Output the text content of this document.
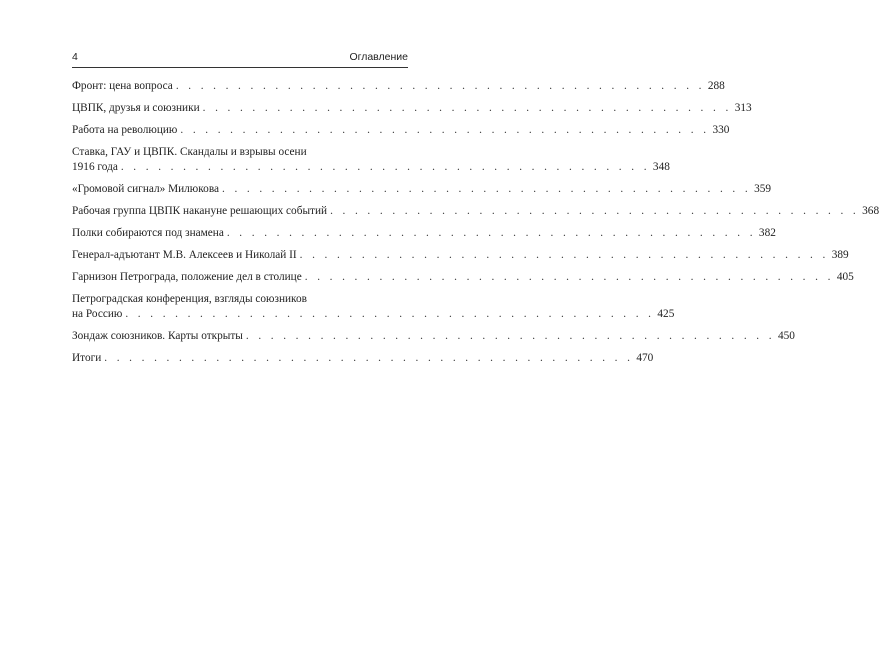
4	Оглавление
Фронт: цена вопроса . . . . . . . . . . . . . . . . . . . . . . . . . . . . . . . . . . . . . . . . . . . 288
ЦВПК, друзья и союзники . . . . . . . . . . . . . . . . . . . . . . . . . . . . . . . . . . . . . . . . . . . 313
Работа на революцию . . . . . . . . . . . . . . . . . . . . . . . . . . . . . . . . . . . . . . . . . . . 330
Ставка, ГАУ и ЦВПК. Скандалы и взрывы осени
1916 года . . . . . . . . . . . . . . . . . . . . . . . . . . . . . . . . . . . . . . . . . . . 348
«Громовой сигнал» Милюкова . . . . . . . . . . . . . . . . . . . . . . . . . . . . . . . . . . . . . . . . . . . 359
Рабочая группа ЦВПК накануне решающих событий . . . . . . . . . . . . . . . . . . . . . . . . . . . . . . . . . . . . . . . . . . . 368
Полки собираются под знамена . . . . . . . . . . . . . . . . . . . . . . . . . . . . . . . . . . . . . . . . . . . 382
Генерал-адъютант М.В. Алексеев и Николай II . . . . . . . . . . . . . . . . . . . . . . . . . . . . . . . . . . . . . . . . . . . 389
Гарнизон Петрограда, положение дел в столице . . . . . . . . . . . . . . . . . . . . . . . . . . . . . . . . . . . . . . . . . . . 405
Петроградская конференция, взгляды союзников
на Россию . . . . . . . . . . . . . . . . . . . . . . . . . . . . . . . . . . . . . . . . . . . 425
Зондаж союзников. Карты открыты . . . . . . . . . . . . . . . . . . . . . . . . . . . . . . . . . . . . . . . . . . . 450
Итоги . . . . . . . . . . . . . . . . . . . . . . . . . . . . . . . . . . . . . . . . . . . 470
